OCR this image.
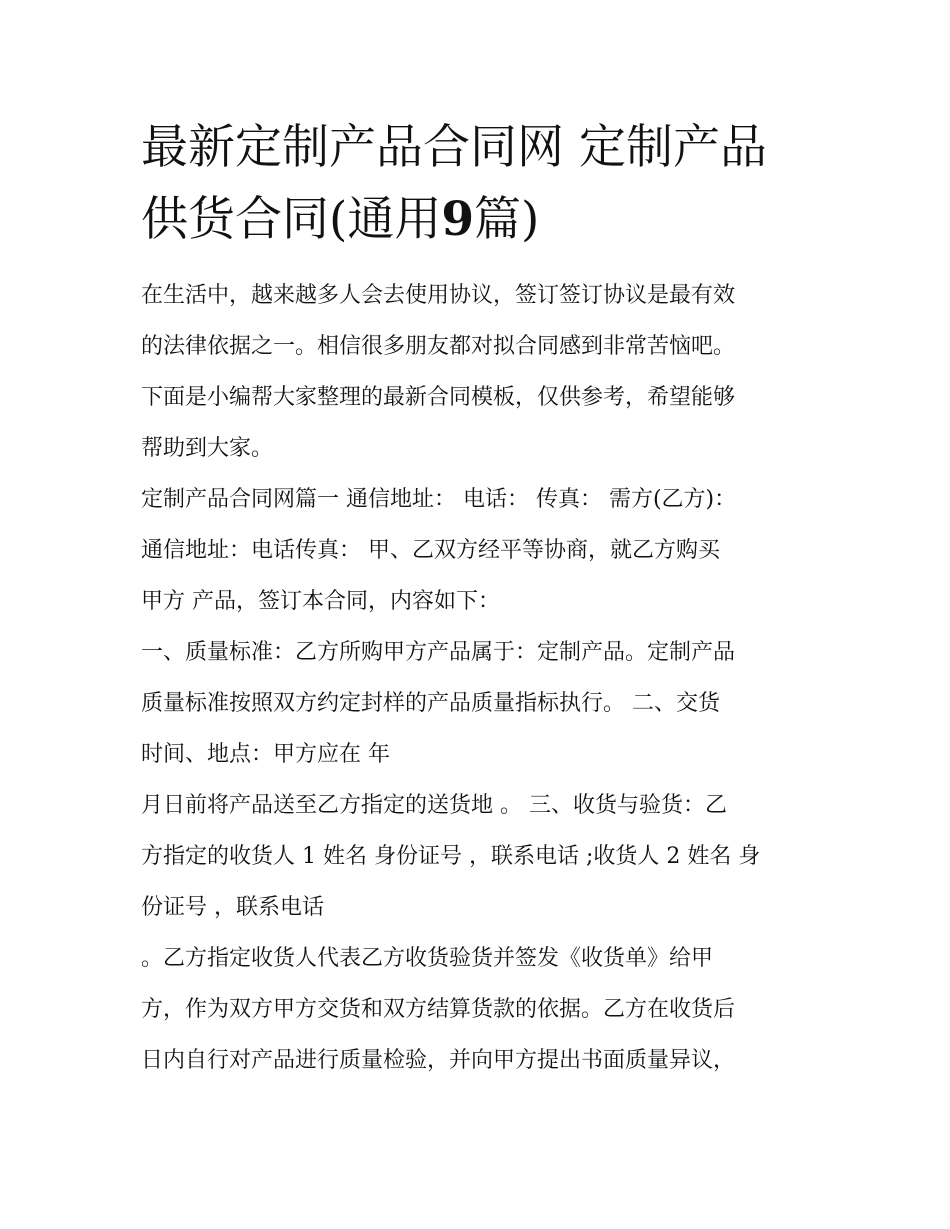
最新定制产品合同网 定制产品
供货合同(通用9篇)
在生活中，越来越多人会去使用协议，签订签订协议是最有效
的法律依据之一。相信很多朋友都对拟合同感到非常苦恼吧。
下面是小编帮大家整理的最新合同模板，仅供参考，希望能够
帮助到大家。
定制产品合同网篇一 通信地址： 电话： 传真： 需方(乙方)：
通信地址：电话传真： 甲、乙双方经平等协商，就乙方购买
甲方 产品，签订本合同，内容如下：
一、质量标准：乙方所购甲方产品属于：定制产品。定制产品
质量标准按照双方约定封样的产品质量指标执行。 二、交货
时间、地点：甲方应在 年
月日前将产品送至乙方指定的送货地 。 三、收货与验货：乙
方指定的收货人 1 姓名 身份证号 ，联系电话 ;收货人 2 姓名 身
份证号 ，联系电话
。乙方指定收货人代表乙方收货验货并签发《收货单》给甲
方，作为双方甲方交货和双方结算货款的依据。乙方在收货后
日内自行对产品进行质量检验，并向甲方提出书面质量异议，
